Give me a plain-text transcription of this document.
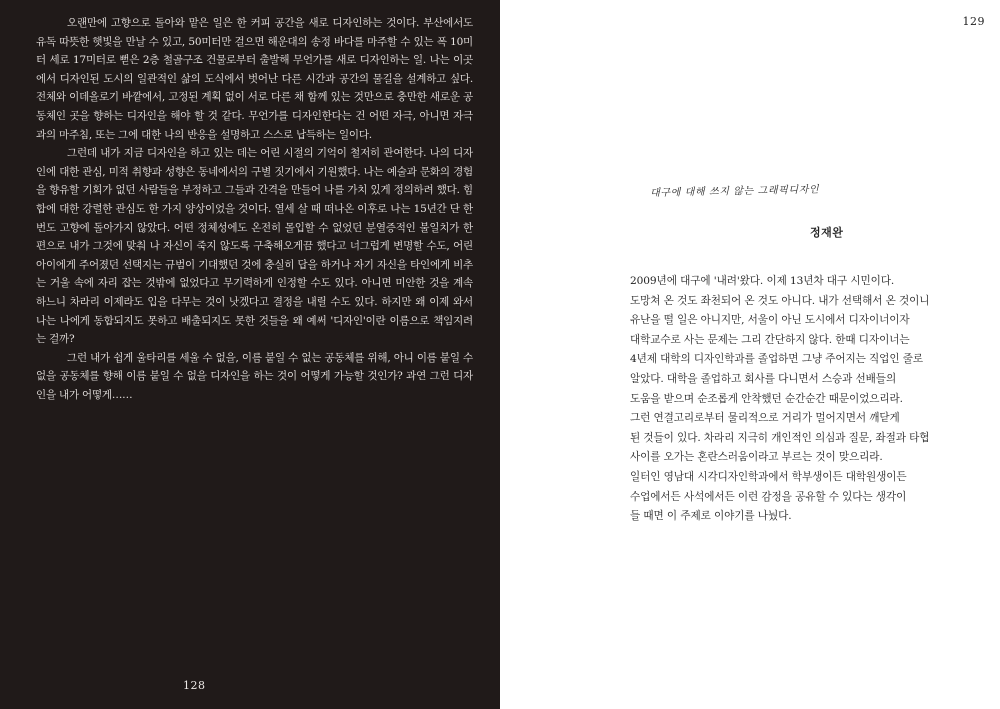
오랜만에 고향으로 돌아와 맡은 일은 한 커피 공간을 새로 디자인하는 것이다. 부산에서도 유독 따뜻한 햇빛을 만날 수 있고, 50미터만 걸으면 해운대의 송정 바다를 마주할 수 있는 폭 10미터 세로 17미터로 뻗은 2층 철골구조 건물로부터 출발해 무언가를 새로 디자인하는 일. 나는 이곳에서 디자인된 도시의 일관적인 삶의 도식에서 벗어난 다른 시간과 공간의 물길을 설계하고 싶다. 전체와 이데올로기 바깥에서, 고정된 계획 없이 서로 다른 채 함께 있는 것만으로 충만한 새로운 공동체인 곳을 향하는 디자인을 해야 할 것 같다. 무언가를 디자인한다는 건 어떤 자극, 아니면 자극과의 마주침, 또는 그에 대한 나의 반응을 설명하고 스스로 납득하는 일이다.

그런데 내가 지금 디자인을 하고 있는 데는 어린 시절의 기억이 철저히 관여한다. 나의 디자인에 대한 관심, 미적 취향과 성향은 동네에서의 구별 짓기에서 기원했다. 나는 예술과 문화의 경험을 향유할 기회가 없던 사람들을 부정하고 그들과 간격을 만들어 나를 가치 있게 정의하려 했다. 힘합에 대한 강렬한 관심도 한 가지 양상이었을 것이다. 열세 살 때 떠나온 이후로 나는 15년간 단 한 번도 고향에 돌아가지 않았다. 어떤 정체성에도 온전히 몰입할 수 없었던 분열증적인 불일치가 한편으로 내가 그것에 맞춰 나 자신이 죽지 않도록 구축해오게끔 했다고 너그럽게 변명할 수도, 어린아이에게 주어졌던 선택지는 규범이 기대했던 것에 충실히 답을 하거나 자기 자신을 타인에게 비추는 거울 속에 자리 잡는 것밖에 없었다고 무기력하게 인정할 수도 있다. 아니면 미안한 것을 계속 하느니 차라리 이제라도 입을 다무는 것이 낫겠다고 결정을 내릴 수도 있다. 하지만 왜 이제 와서 나는 나에게 동합되지도 못하고 배출되지도 못한 것들을 왜 예써 '디자인'이란 이름으로 책임지려는 걸까?

그런 내가 쉽게 울타리를 세울 수 없을, 이름 붙일 수 없는 공동체를 위해, 아니 이름 붙일 수 없을 공동체를 향해 이름 붙일 수 없을 디자인을 하는 것이 어떻게 가능할 것인가? 과연 그런 디자인을 내가 어떻게……

128
129
대구에 대해 쓰지 않는 그래픽디자인
정재완
2009년에 대구에 '내려'왔다. 이제 13년차 대구 시민이다.
도망쳐 온 것도 좌천되어 온 것도 아니다. 내가 선택해서 온 것이니
유난을 떨 일은 아니지만, 서울이 아닌 도시에서 디자이너이자
대학교수로 사는 문제는 그리 간단하지 않다. 한때 디자이너는
4년제 대학의 디자인학과를 졸업하면 그냥 주어지는 직업인 줄로
알았다. 대학을 졸업하고 회사를 다니면서 스승과 선배들의
도움을 받으며 순조롭게 안착했던 순간순간 때문이었으리라.
그런 연결고리로부터 물리적으로 거리가 멀어지면서 깨닫게
된 것들이 있다. 차라리 지극히 개인적인 의심과 질문, 좌절과 타협
사이를 오가는 혼란스러움이라고 부르는 것이 맞으리라.
일터인 영남대 시각디자인학과에서 학부생이든 대학원생이든
수업에서든 사석에서든 이런 감정을 공유할 수 있다는 생각이
들 때면 이 주제로 이야기를 나눴다.
